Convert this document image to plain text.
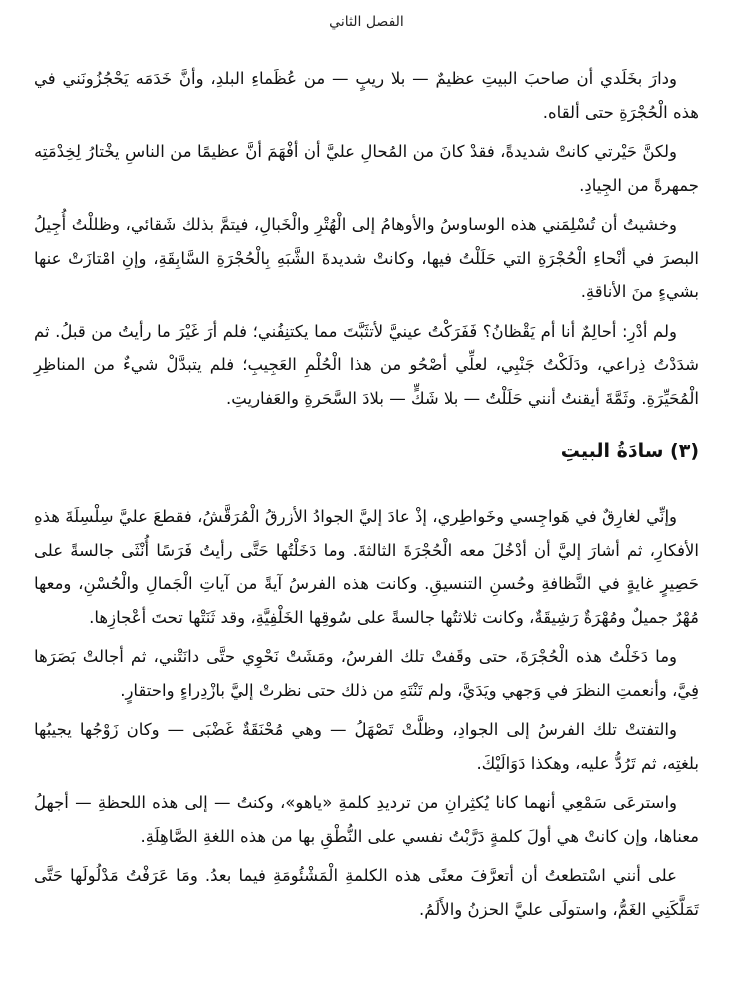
الفصل الثاني

ودارَ بخَلَدي أن صاحبَ البيتِ عظيمٌ — بلا ريبٍ — من عُظَماءِ البلدِ، وأنَّ خَدَمَه يَحْجُزُونَني في هذه الْحُجْرَةِ حتى ألقاه.

ولكنَّ حَيْرتي كانتْ شديدةً، فقدْ كانَ من المُحالِ عليَّ أن أفْهَمَ أنَّ عظيمًا من الناسِ يخْتارُ لِخِدْمَتِه جمهرةً من الجِيادِ.

وخشيتُ أن تُسْلِمَني هذه الوساوسُ والأوهامُ إلى الْهُتْرِ والْخَبالِ، فيتمَّ بذلك شَقائي، وظللْتُ أُجِيلُ البصرَ في أنْحاءِ الْحُجْرَةِ التي حَلَلْتُ فيها، وكانتْ شديدةَ الشَّبَهِ بِالْحُجْرَةِ السَّابِقَةِ، وإنِ امْتازَتْ عنها بشيءٍ منَ الأناقةِ.

ولم أدْرِ: أحالِمٌ أنا أم يَقْظانُ؟ فَفَرَكْتُ عينيَّ لأتثَبَّتَ مما يكتنِفُني؛ فلم أرَ غَيْرَ ما رأيتُ من قبلُ. ثم شدَدْتُ ذِراعي، ودَلَكْتُ جَنْبِي، لعلِّي أصْحُو من هذا الْحُلْمِ العَجِيبِ؛ فلم يتبدَّلْ شيءٌ من المناظِرِ الْمُحَيِّرَةِ. وثَمَّةَ أيقنتُ أنني حَلَلْتُ — بلا شَكٍّ — بلادَ السَّحَرةِ والعَفاريتِ.

(٣) سادَةُ البيتِ

وإنِّي لغارِقٌ في هَواجِسي وخَواطِري، إذْ عادَ إليَّ الجوادُ الأزرقُ الْمُرَقَّشُ، فقطعَ عليَّ سِلْسِلَةَ هذهِ الأفكارِ، ثم أشارَ إليَّ أن أدْخُلَ معه الْحُجْرَةَ الثالثةَ. وما دَخَلْتُها حَتَّى رأيتُ فَرَسًا أُنْثَى جالسةً على حَصِيرٍ غايةٍ في النَّظافةِ وحُسنِ التنسيقِ. وكانت هذه الفرسُ آيةً من آياتِ الْجَمالِ والْحُسْنِ، ومعها مُهْرٌ جميلٌ ومُهْرَةٌ رَشِيقَةٌ، وكانت ثلاثتُها جالسةً على سُوقِها الخَلْفِيَّةِ، وقد ثَنَتْها تحتَ أعْجازِها.

وما دَخَلْتُ هذه الْحُجْرَةَ، حتى وقَفتْ تلك الفرسُ، ومَشَتْ نَحْوِي حتَّى دانَتْني، ثم أجالتْ بَصَرَها فِيَّ، وأنعمتِ النظرَ في وَجهي ويَدَيَّ، ولم تَنْتَهِ من ذلك حتى نظرتْ إليَّ بازْدِراءٍ واحتقارٍ.

والتفتتْ تلك الفرسُ إلى الجوادِ، وظلَّتْ تَصْهَلُ — وهي مُحْنَقَةٌ غَضْبَى — وكان زَوْجُها يجيبُها بلغتِه، ثم تَرُدُّ عليه، وهكذا دَوَالَيْكَ.

واسترعَى سَمْعِي أنهما كانا يُكثِرانِ من ترديدِ كلمةِ «ياهو»، وكنتُ — إلى هذه اللحظةِ — أجهلُ معناها، وإن كانتْ هي أولَ كلمةٍ دَرَّبْتُ نفسي على النُّطْقِ بها من هذه اللغةِ الصَّاهِلَةِ.

على أنني اسْتطعتُ أن أتعرَّفَ معنًى هذه الكلمةِ الْمَشْئُومَةِ فيما بعدُ. ومَا عَرَفْتُ مَدْلُولَها حَتَّى تَمَلَّكَنِي الغَمُّ، واستولَى عليَّ الحزنُ والأَلَمُ.
